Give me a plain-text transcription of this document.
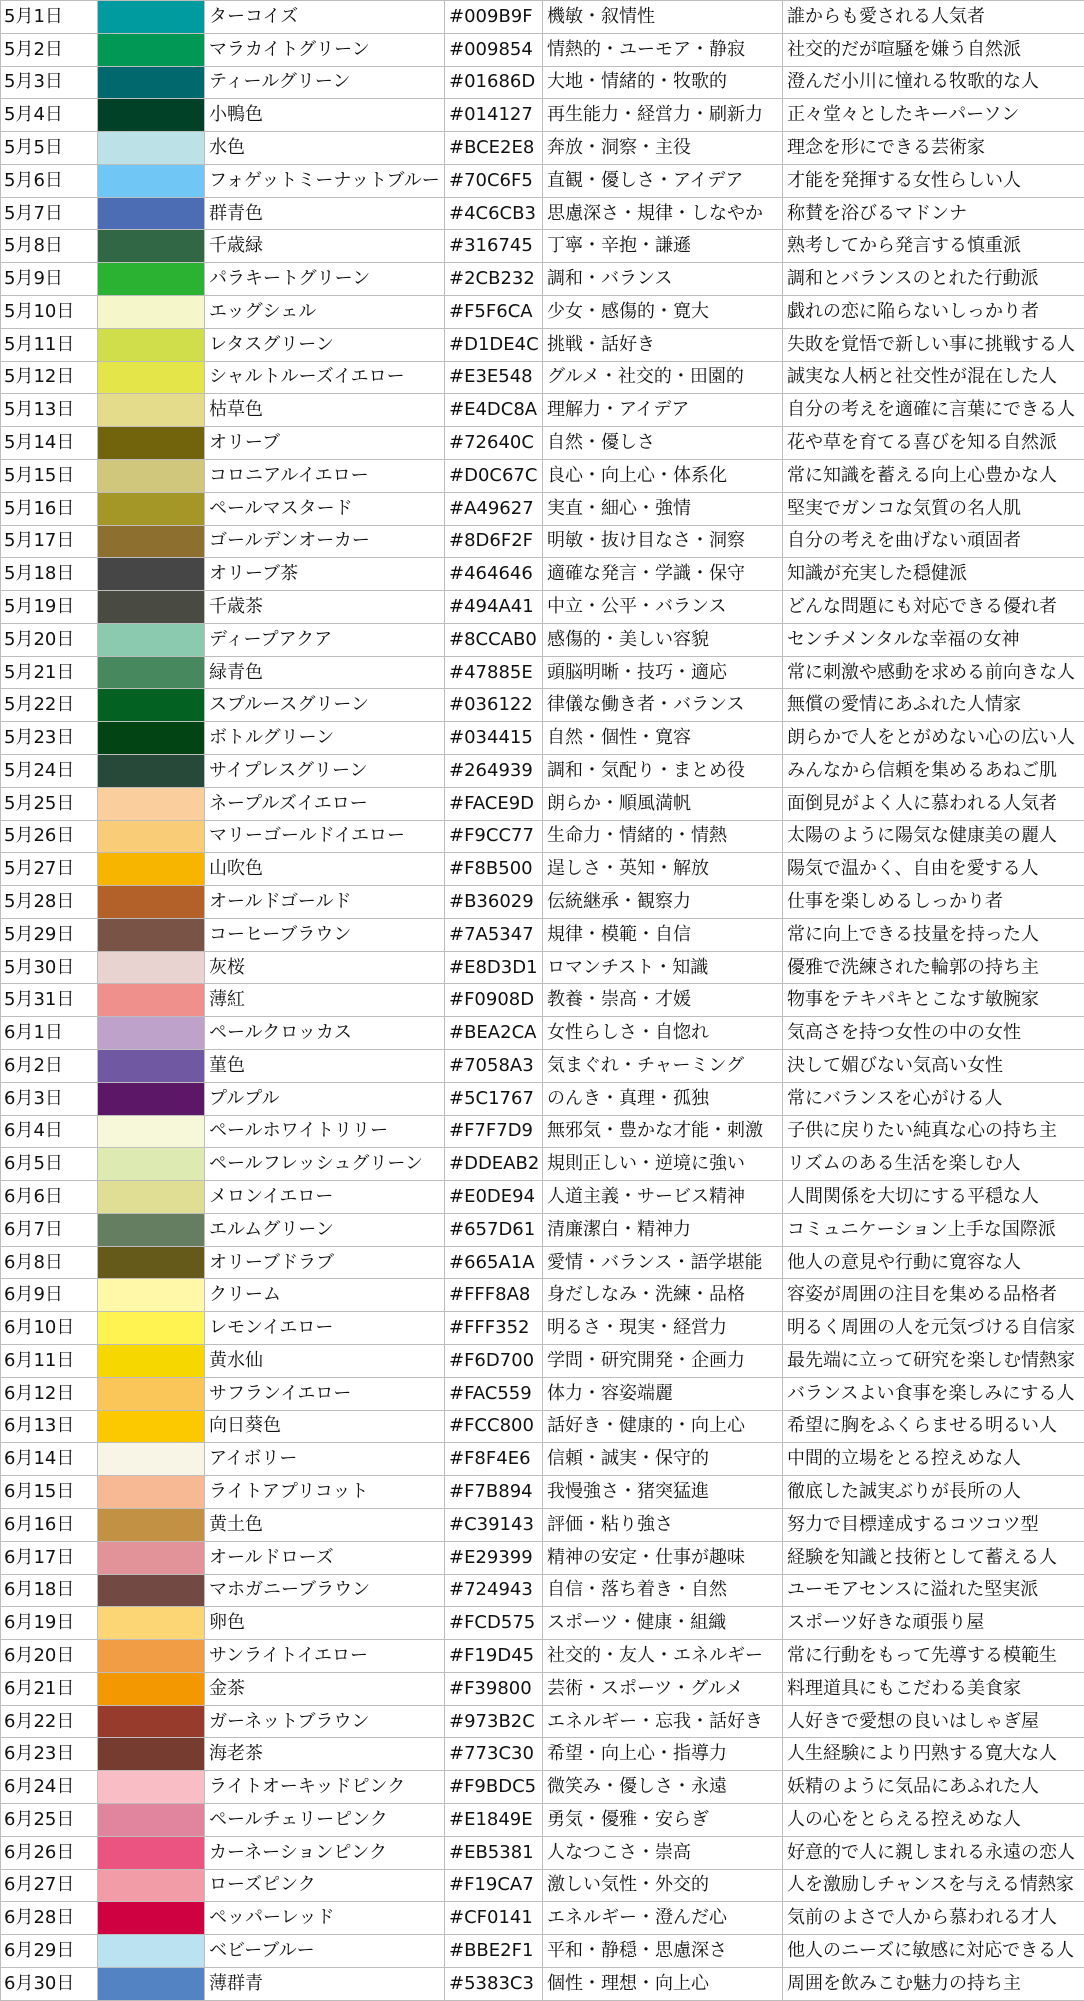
5月1日		ターコイズ	#009B9F	機敏・叙情性	誰からも愛される人気者
5月2日		マラカイトグリーン	#009854	情熱的・ユーモア・静寂	社交的だが喧騒を嫌う自然派
5月3日		ティールグリーン	#01686D	大地・情緒的・牧歌的	澄んだ小川に憧れる牧歌的な人
5月4日		小鴨色	#014127	再生能力・経営力・刷新力	正々堂々としたキーパーソン
5月5日		水色	#BCE2E8	奔放・洞察・主役	理念を形にできる芸術家
5月6日		フォゲットミーナットブルー	#70C6F5	直観・優しさ・アイデア	才能を発揮する女性らしい人
5月7日		群青色	#4C6CB3	思慮深さ・規律・しなやか	称賛を浴びるマドンナ
5月8日		千歳緑	#316745	丁寧・辛抱・謙遜	熟考してから発言する慎重派
5月9日		パラキートグリーン	#2CB232	調和・バランス	調和とバランスのとれた行動派
5月10日		エッグシェル	#F5F6CA	少女・感傷的・寛大	戯れの恋に陥らないしっかり者
5月11日		レタスグリーン	#D1DE4C	挑戦・話好き	失敗を覚悟で新しい事に挑戦する人
5月12日		シャルトルーズイエロー	#E3E548	グルメ・社交的・田園的	誠実な人柄と社交性が混在した人
5月13日		枯草色	#E4DC8A	理解力・アイデア	自分の考えを適確に言葉にできる人
5月14日		オリーブ	#72640C	自然・優しさ	花や草を育てる喜びを知る自然派
5月15日		コロニアルイエロー	#D0C67C	良心・向上心・体系化	常に知識を蓄える向上心豊かな人
5月16日		ペールマスタード	#A49627	実直・細心・強情	堅実でガンコな気質の名人肌
5月17日		ゴールデンオーカー	#8D6F2F	明敏・抜け目なさ・洞察	自分の考えを曲げない頑固者
5月18日		オリーブ茶	#464646	適確な発言・学識・保守	知識が充実した穏健派
5月19日		千歳茶	#494A41	中立・公平・バランス	どんな問題にも対応できる優れ者
5月20日		ディープアクア	#8CCAB0	感傷的・美しい容貌	センチメンタルな幸福の女神
5月21日		緑青色	#47885E	頭脳明晰・技巧・適応	常に刺激や感動を求める前向きな人
5月22日		スプルースグリーン	#036122	律儀な働き者・バランス	無償の愛情にあふれた人情家
5月23日		ボトルグリーン	#034415	自然・個性・寛容	朗らかで人をとがめない心の広い人
5月24日		サイプレスグリーン	#264939	調和・気配り・まとめ役	みんなから信頼を集めるあねご肌
5月25日		ネープルズイエロー	#FACE9D	朗らか・順風満帆	面倒見がよく人に慕われる人気者
5月26日		マリーゴールドイエロー	#F9CC77	生命力・情緒的・情熱	太陽のように陽気な健康美の麗人
5月27日		山吹色	#F8B500	逞しさ・英知・解放	陽気で温かく、自由を愛する人
5月28日		オールドゴールド	#B36029	伝統継承・観察力	仕事を楽しめるしっかり者
5月29日		コーヒーブラウン	#7A5347	規律・模範・自信	常に向上できる技量を持った人
5月30日		灰桜	#E8D3D1	ロマンチスト・知識	優雅で洗練された輪郭の持ち主
5月31日		薄紅	#F0908D	教養・崇高・才媛	物事をテキパキとこなす敏腕家
6月1日		ペールクロッカス	#BEA2CA	女性らしさ・自惚れ	気高さを持つ女性の中の女性
6月2日		菫色	#7058A3	気まぐれ・チャーミング	決して媚びない気高い女性
6月3日		プルプル	#5C1767	のんき・真理・孤独	常にバランスを心がける人
6月4日		ペールホワイトリリー	#F7F7D9	無邪気・豊かな才能・刺激	子供に戻りたい純真な心の持ち主
6月5日		ペールフレッシュグリーン	#DDEAB2	規則正しい・逆境に強い	リズムのある生活を楽しむ人
6月6日		メロンイエロー	#E0DE94	人道主義・サービス精神	人間関係を大切にする平穏な人
6月7日		エルムグリーン	#657D61	清廉潔白・精神力	コミュニケーション上手な国際派
6月8日		オリーブドラブ	#665A1A	愛情・バランス・語学堪能	他人の意見や行動に寛容な人
6月9日		クリーム	#FFF8A8	身だしなみ・洗練・品格	容姿が周囲の注目を集める品格者
6月10日		レモンイエロー	#FFF352	明るさ・現実・経営力	明るく周囲の人を元気づける自信家
6月11日		黄水仙	#F6D700	学問・研究開発・企画力	最先端に立って研究を楽しむ情熱家
6月12日		サフランイエロー	#FAC559	体力・容姿端麗	バランスよい食事を楽しみにする人
6月13日		向日葵色	#FCC800	話好き・健康的・向上心	希望に胸をふくらませる明るい人
6月14日		アイボリー	#F8F4E6	信頼・誠実・保守的	中間的立場をとる控えめな人
6月15日		ライトアプリコット	#F7B894	我慢強さ・猪突猛進	徹底した誠実ぶりが長所の人
6月16日		黄土色	#C39143	評価・粘り強さ	努力で目標達成するコツコツ型
6月17日		オールドローズ	#E29399	精神の安定・仕事が趣味	経験を知識と技術として蓄える人
6月18日		マホガニーブラウン	#724943	自信・落ち着き・自然	ユーモアセンスに溢れた堅実派
6月19日		卵色	#FCD575	スポーツ・健康・組織	スポーツ好きな頑張り屋
6月20日		サンライトイエロー	#F19D45	社交的・友人・エネルギー	常に行動をもって先導する模範生
6月21日		金茶	#F39800	芸術・スポーツ・グルメ	料理道具にもこだわる美食家
6月22日		ガーネットブラウン	#973B2C	エネルギー・忘我・話好き	人好きで愛想の良いはしゃぎ屋
6月23日		海老茶	#773C30	希望・向上心・指導力	人生経験により円熟する寛大な人
6月24日		ライトオーキッドピンク	#F9BDC5	微笑み・優しさ・永遠	妖精のように気品にあふれた人
6月25日		ペールチェリーピンク	#E1849E	勇気・優雅・安らぎ	人の心をとらえる控えめな人
6月26日		カーネーションピンク	#EB5381	人なつこさ・崇高	好意的で人に親しまれる永遠の恋人
6月27日		ローズピンク	#F19CA7	激しい気性・外交的	人を激励しチャンスを与える情熱家
6月28日		ペッパーレッド	#CF0141	エネルギー・澄んだ心	気前のよさで人から慕われる才人
6月29日		ベビーブルー	#BBE2F1	平和・静穏・思慮深さ	他人のニーズに敏感に対応できる人
6月30日		薄群青	#5383C3	個性・理想・向上心	周囲を飲みこむ魅力の持ち主
